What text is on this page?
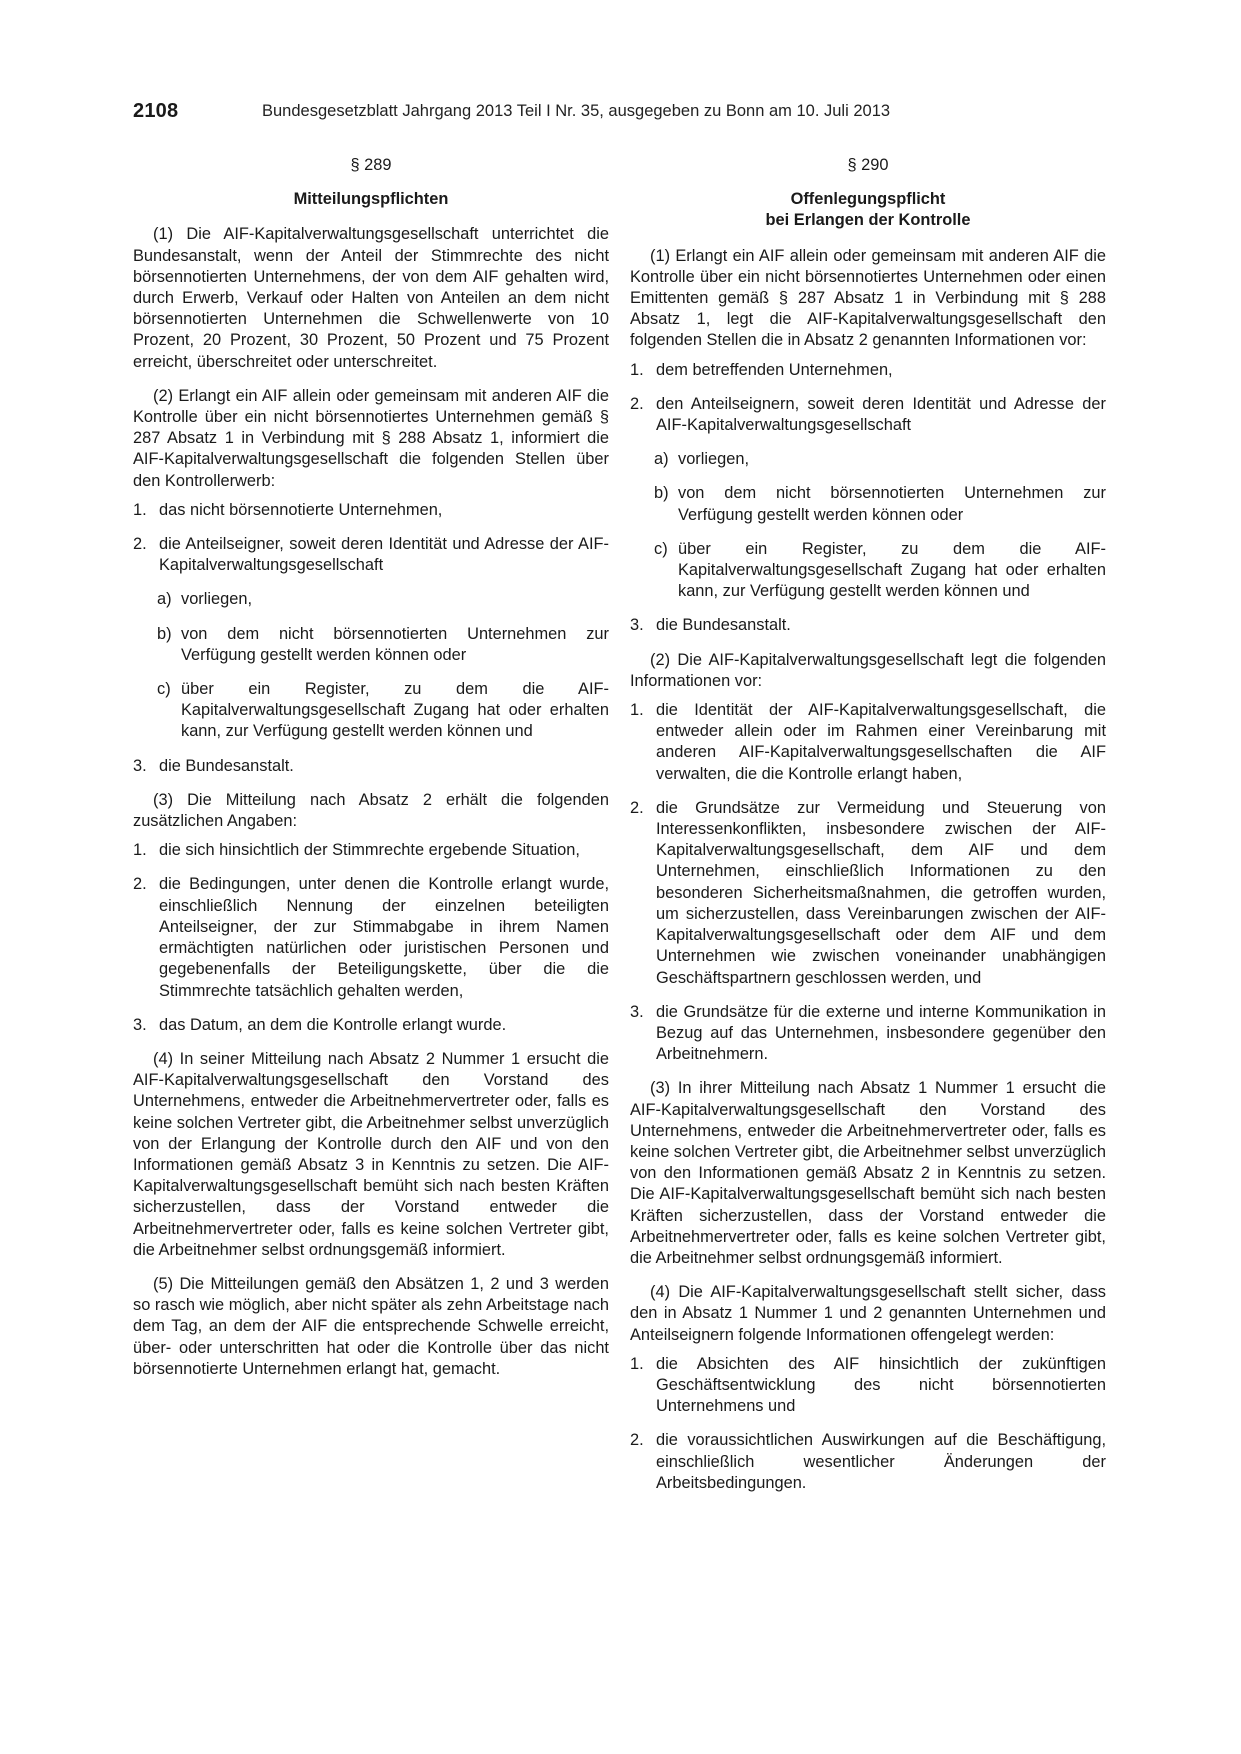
2108	Bundesgesetzblatt Jahrgang 2013 Teil I Nr. 35, ausgegeben zu Bonn am 10. Juli 2013

§ 289

Mitteilungspflichten

(1) Die AIF-Kapitalverwaltungsgesellschaft unterrichtet die Bundesanstalt, wenn der Anteil der Stimmrechte des nicht börsennotierten Unternehmens, der von dem AIF gehalten wird, durch Erwerb, Verkauf oder Halten von Anteilen an dem nicht börsennotierten Unternehmen die Schwellenwerte von 10 Prozent, 20 Prozent, 30 Prozent, 50 Prozent und 75 Prozent erreicht, überschreitet oder unterschreitet.

(2) Erlangt ein AIF allein oder gemeinsam mit anderen AIF die Kontrolle über ein nicht börsennotiertes Unternehmen gemäß § 287 Absatz 1 in Verbindung mit § 288 Absatz 1, informiert die AIF-Kapitalverwaltungsgesellschaft die folgenden Stellen über den Kontrollerwerb:

1. das nicht börsennotierte Unternehmen,
2. die Anteilseigner, soweit deren Identität und Adresse der AIF-Kapitalverwaltungsgesellschaft
a) vorliegen,
b) von dem nicht börsennotierten Unternehmen zur Verfügung gestellt werden können oder
c) über ein Register, zu dem die AIF-Kapitalverwaltungsgesellschaft Zugang hat oder erhalten kann, zur Verfügung gestellt werden können und
3. die Bundesanstalt.

(3) Die Mitteilung nach Absatz 2 erhält die folgenden zusätzlichen Angaben:

1. die sich hinsichtlich der Stimmrechte ergebende Situation,
2. die Bedingungen, unter denen die Kontrolle erlangt wurde, einschließlich Nennung der einzelnen beteiligten Anteilseigner, der zur Stimmabgabe in ihrem Namen ermächtigten natürlichen oder juristischen Personen und gegebenenfalls der Beteiligungskette, über die die Stimmrechte tatsächlich gehalten werden,
3. das Datum, an dem die Kontrolle erlangt wurde.

(4) In seiner Mitteilung nach Absatz 2 Nummer 1 ersucht die AIF-Kapitalverwaltungsgesellschaft den Vorstand des Unternehmens, entweder die Arbeitnehmervertreter oder, falls es keine solchen Vertreter gibt, die Arbeitnehmer selbst unverzüglich von der Erlangung der Kontrolle durch den AIF und von den Informationen gemäß Absatz 3 in Kenntnis zu setzen. Die AIF-Kapitalverwaltungsgesellschaft bemüht sich nach besten Kräften sicherzustellen, dass der Vorstand entweder die Arbeitnehmervertreter oder, falls es keine solchen Vertreter gibt, die Arbeitnehmer selbst ordnungsgemäß informiert.

(5) Die Mitteilungen gemäß den Absätzen 1, 2 und 3 werden so rasch wie möglich, aber nicht später als zehn Arbeitstage nach dem Tag, an dem der AIF die entsprechende Schwelle erreicht, über- oder unterschritten hat oder die Kontrolle über das nicht börsennotierte Unternehmen erlangt hat, gemacht.

§ 290

Offenlegungspflicht
bei Erlangen der Kontrolle

(1) Erlangt ein AIF allein oder gemeinsam mit anderen AIF die Kontrolle über ein nicht börsennotiertes Unternehmen oder einen Emittenten gemäß § 287 Absatz 1 in Verbindung mit § 288 Absatz 1, legt die AIF-Kapitalverwaltungsgesellschaft den folgenden Stellen die in Absatz 2 genannten Informationen vor:

1. dem betreffenden Unternehmen,
2. den Anteilseignern, soweit deren Identität und Adresse der AIF-Kapitalverwaltungsgesellschaft
a) vorliegen,
b) von dem nicht börsennotierten Unternehmen zur Verfügung gestellt werden können oder
c) über ein Register, zu dem die AIF-Kapitalverwaltungsgesellschaft Zugang hat oder erhalten kann, zur Verfügung gestellt werden können und
3. die Bundesanstalt.

(2) Die AIF-Kapitalverwaltungsgesellschaft legt die folgenden Informationen vor:

1. die Identität der AIF-Kapitalverwaltungsgesellschaft, die entweder allein oder im Rahmen einer Vereinbarung mit anderen AIF-Kapitalverwaltungsgesellschaften die AIF verwalten, die die Kontrolle erlangt haben,
2. die Grundsätze zur Vermeidung und Steuerung von Interessenkonflikten, insbesondere zwischen der AIF-Kapitalverwaltungsgesellschaft, dem AIF und dem Unternehmen, einschließlich Informationen zu den besonderen Sicherheitsmaßnahmen, die getroffen wurden, um sicherzustellen, dass Vereinbarungen zwischen der AIF-Kapitalverwaltungsgesellschaft oder dem AIF und dem Unternehmen wie zwischen voneinander unabhängigen Geschäftspartnern geschlossen werden, und
3. die Grundsätze für die externe und interne Kommunikation in Bezug auf das Unternehmen, insbesondere gegenüber den Arbeitnehmern.

(3) In ihrer Mitteilung nach Absatz 1 Nummer 1 ersucht die AIF-Kapitalverwaltungsgesellschaft den Vorstand des Unternehmens, entweder die Arbeitnehmervertreter oder, falls es keine solchen Vertreter gibt, die Arbeitnehmer selbst unverzüglich von den Informationen gemäß Absatz 2 in Kenntnis zu setzen. Die AIF-Kapitalverwaltungsgesellschaft bemüht sich nach besten Kräften sicherzustellen, dass der Vorstand entweder die Arbeitnehmervertreter oder, falls es keine solchen Vertreter gibt, die Arbeitnehmer selbst ordnungsgemäß informiert.

(4) Die AIF-Kapitalverwaltungsgesellschaft stellt sicher, dass den in Absatz 1 Nummer 1 und 2 genannten Unternehmen und Anteilseignern folgende Informationen offengelegt werden:

1. die Absichten des AIF hinsichtlich der zukünftigen Geschäftsentwicklung des nicht börsennotierten Unternehmens und
2. die voraussichtlichen Auswirkungen auf die Beschäftigung, einschließlich wesentlicher Änderungen der Arbeitsbedingungen.
